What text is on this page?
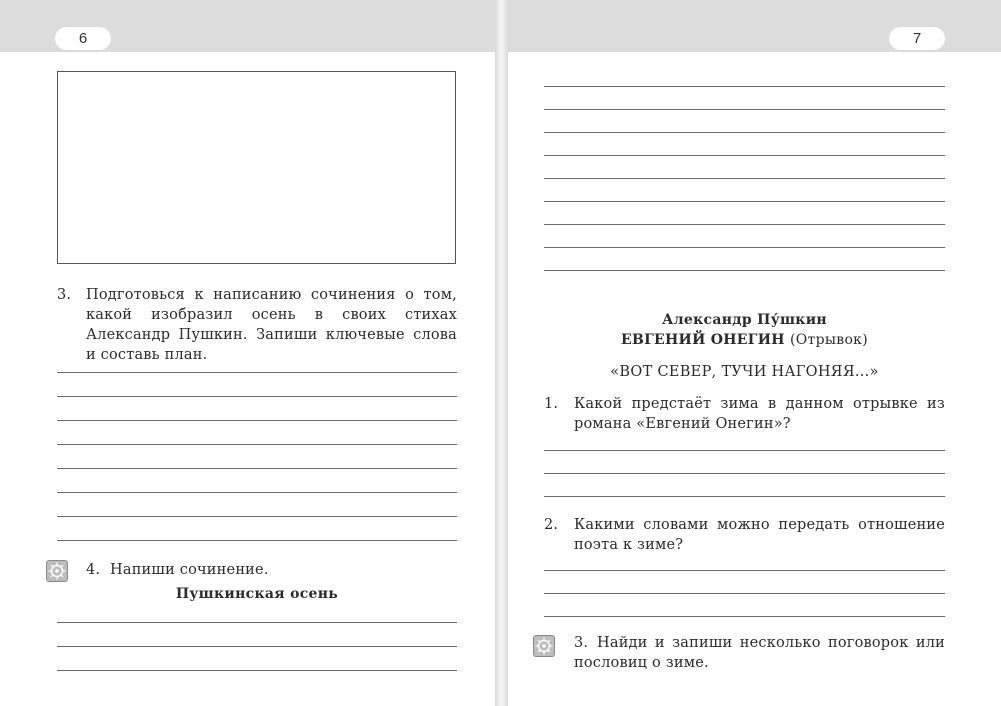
6
3. Подготовься к написанию сочинения о том, какой изобразил осень в своих стихах Александр Пушкин. Запиши ключевые слова и составь план.
4. Напиши сочинение.
Пушкинская осень
7
Александр Пу́шкин
ЕВГЕНИЙ ОНЕГИН (Отрывок)
«ВОТ СЕВЕР, ТУЧИ НАГОНЯЯ...»
1. Какой предстаёт зима в данном отрывке из романа «Евгений Онегин»?
2. Какими словами можно передать отношение поэта к зиме?
3. Найди и запиши несколько поговорок или пословиц о зиме.
